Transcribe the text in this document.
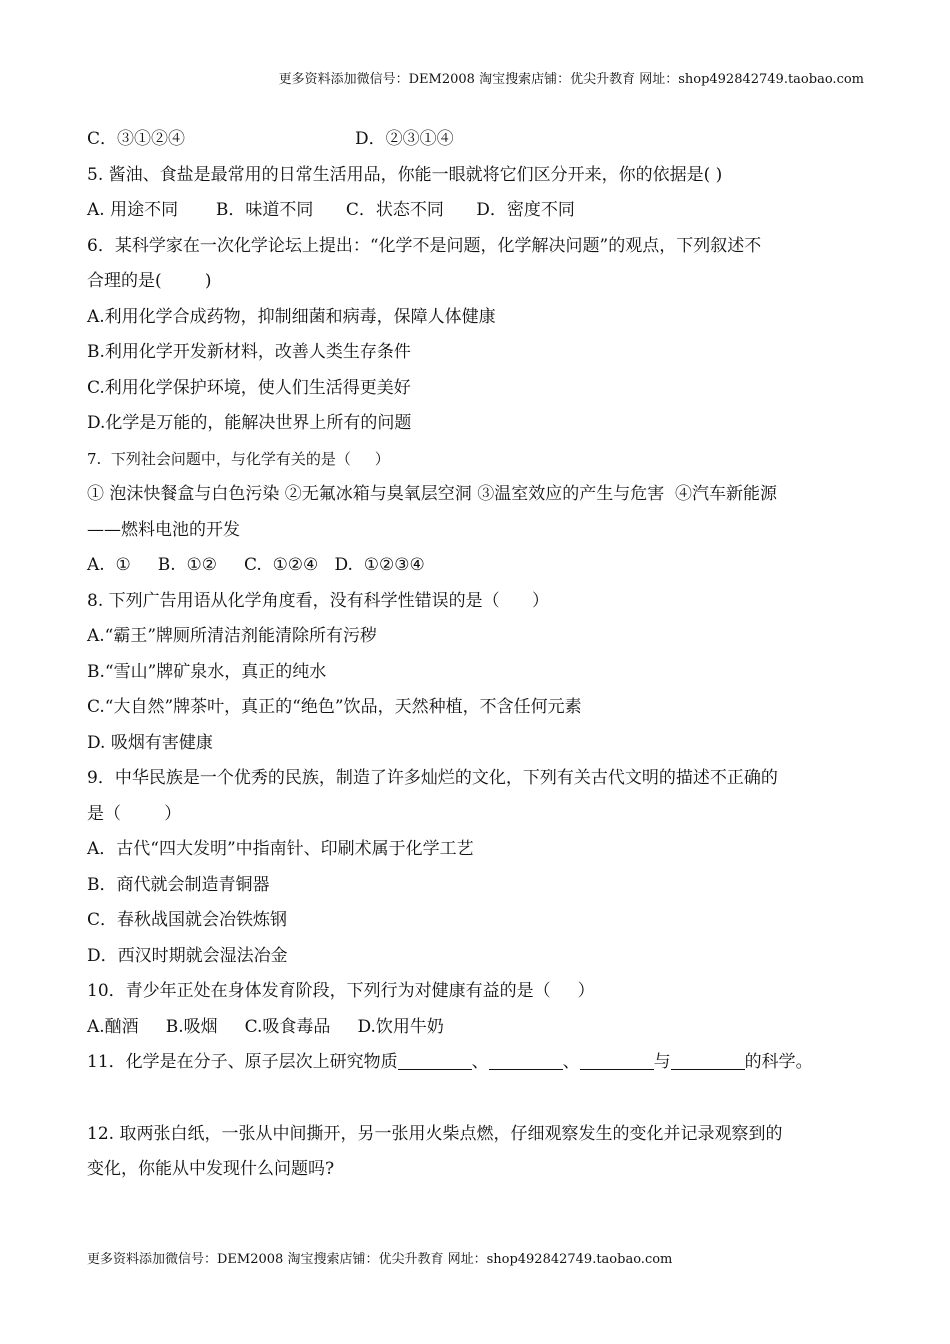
更多资料添加微信号：DEM2008 淘宝搜索店铺：优尖升教育 网址：shop492842749.taobao.com
C．③①②④	D．②③①④
5. 酱油、食盐是最常用的日常生活用品，你能一眼就将它们区分开来，你的依据是( )
A. 用途不同       B．味道不同      C．状态不同      D．密度不同
6．某科学家在一次化学论坛上提出：“化学不是问题，化学解决问题”的观点，下列叙述不
合理的是(        )
A.利用化学合成药物，抑制细菌和病毒，保障人体健康
B.利用化学开发新材料，改善人类生存条件
C.利用化学保护环境，使人们生活得更美好
D.化学是万能的，能解决世界上所有的问题
7.  下列社会问题中，与化学有关的是（     ）
① 泡沫快餐盒与白色污染 ②无氟冰箱与臭氧层空洞 ③温室效应的产生与危害  ④汽车新能源
——燃料电池的开发
A.  ①     B.  ①②     C.  ①②④   D.  ①②③④
8. 下列广告用语从化学角度看，没有科学性错误的是（      ）
A.“霸王”牌厕所清洁剂能清除所有污秽
B.“雪山”牌矿泉水，真正的纯水
C.“大自然”牌茶叶，真正的“绝色”饮品，天然种植，不含任何元素
D. 吸烟有害健康
9．中华民族是一个优秀的民族，制造了许多灿烂的文化，下列有关古代文明的描述不正确的
是（        ）
A．古代“四大发明”中指南针、印刷术属于化学工艺
B．商代就会制造青铜器
C．春秋战国就会冶铁炼钢
D．西汉时期就会湿法冶金
10．青少年正处在身体发育阶段，下列行为对健康有益的是（     ）
A.酗酒     B.吸烟     C.吸食毒品     D.饮用牛奶
11．化学是在分子、原子层次上研究物质	、	、	与	的科学。
12. 取两张白纸，一张从中间撕开，另一张用火柴点燃，仔细观察发生的变化并记录观察到的
变化，你能从中发现什么问题吗?
更多资料添加微信号：DEM2008 淘宝搜索店铺：优尖升教育 网址：shop492842749.taobao.com
